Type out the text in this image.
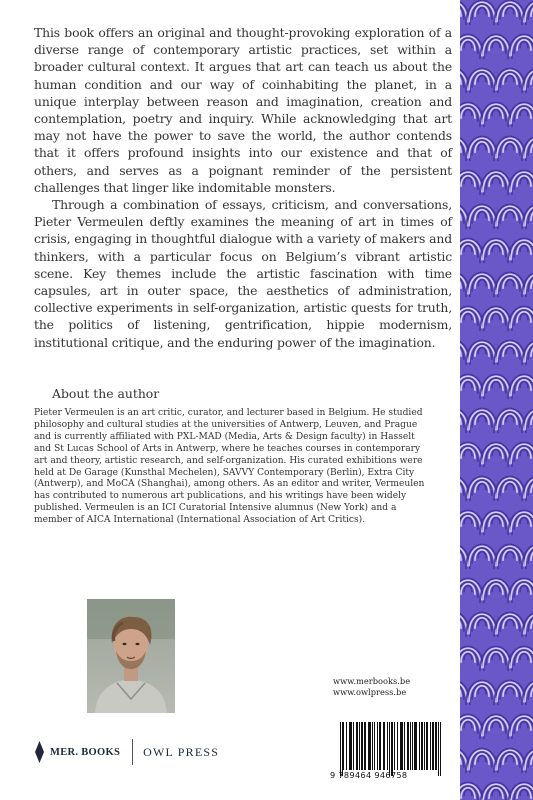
This book offers an original and thought-provoking exploration of a diverse range of contemporary artistic practices, set within a broader cultural context. It argues that art can teach us about the human condition and our way of coinhabiting the planet, in a unique interplay between reason and imagination, creation and contemplation, poetry and inquiry. While acknowledging that art may not have the power to save the world, the author contends that it offers profound insights into our existence and that of others, and serves as a poignant reminder of the persistent challenges that linger like indomitable monsters.

Through a combination of essays, criticism, and conversations, Pieter Vermeulen deftly examines the meaning of art in times of crisis, engaging in thoughtful dialogue with a variety of makers and thinkers, with a particular focus on Belgium’s vibrant artistic scene. Key themes include the artistic fascination with time capsules, art in outer space, the aesthetics of administration, collective experiments in self-organization, artistic quests for truth, the politics of listening, gentrification, hippie modernism, institutional critique, and the enduring power of the imagination.

About the author
Pieter Vermeulen is an art critic, curator, and lecturer based in Belgium. He studied philosophy and cultural studies at the universities of Antwerp, Leuven, and Prague and is currently affiliated with PXL-MAD (Media, Arts & Design faculty) in Hasselt and St Lucas School of Arts in Antwerp, where he teaches courses in contemporary art and theory, artistic research, and self-organization. His curated exhibitions were held at De Garage (Kunsthal Mechelen), SAVVY Contemporary (Berlin), Extra City (Antwerp), and MoCA (Shanghai), among others. As an editor and writer, Vermeulen has contributed to numerous art publications, and his writings have been widely published. Vermeulen is an ICI Curatorial Intensive alumnus (New York) and a member of AICA International (International Association of Art Critics).
www.merbooks.be
www.owlpress.be
MER. BOOKS OWL PRESS
9 789464 946758
